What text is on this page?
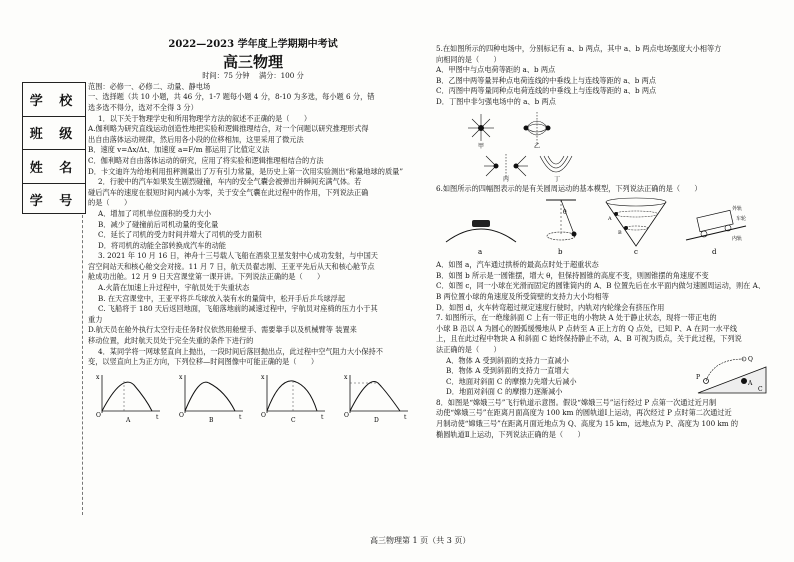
学 校
班 级
姓 名
学 号
2022—2023 学年度上学期期中考试
高三物理
时间：75 分钟　 满分：100 分

范围：必修一、必修二、动量、静电场

一、选择题（共 10 小题，共 46 分，1-7 题每小题 4 分，8-10 为多选，每小题 6 分，错

选多选不得分，选对不全得 3 分）

1．以下关于物理学史和所用物理学方法的叙述不正确的是（　　）

A.伽利略为研究直线运动创造性地把实验和逻辑推理结合，对一个问题以研究推理形式得

出自由落体运动规律，然后用各小段的位移相加，这里采用了微元法

B．速度 v=Δx/Δt、加速度 a=F/m 都运用了比值定义法

C．伽利略对自由落体运动的研究，应用了将实验和逻辑推理相结合的方法

D．卡文迪许为给地利用扭秤测量出了万有引力常量，是历史上第一次用实验测出“称量地球的质量”

2．行驶中的汽车如果发生剧烈碰撞，车内的安全气囊会被弹出并瞬间充满气体。若

碰后汽车的速度在很短时间内减小为零，关于安全气囊在此过程中的作用，下列说法正确

的是（　　）

A．增加了司机单位面积的受力大小

B．减少了碰撞前后司机动量的变化量

C．延长了司机的受力时间并增大了司机的受力面积

D．将司机的动能全部转换成汽车的动能

3. 2021 年 10 月 16 日，神舟十三号载人飞船在酒泉卫星发射中心成功发射，与中国天

宫空间站天和核心舱交会对接。11 月 7 日，航天员翟志刚、王亚平先后从天和核心舱节点

舱成功出舱。12 月 9 日天宫课堂第一课开讲。下列说法正确的是（　　）

A.火箭在加速上升过程中，宇航员处于失重状态

B. 在天宫课堂中，王亚平将乒乓球放入装有水的量筒中，松开手后乒乓球浮起

C. 飞船将于 180 天后返回地面，飞船落地前的减速过程中，宇航员对座椅的压力小于其

重力

D.航天员在舱外执行太空行走任务时仪依然用舱壁手、需要靠手以及机械臂等 装置来

移动位置，此时航天员处于完全失重的条件下进行的

4．某同学将一网球竖直向上抛出，一段时间后落回抛出点，此过程中空气阻力大小保持不

变，以竖直向上为正方向，下列位移—时间图像中可能正确的是（　　）

x
t
O
A
x
t
O
B
x
t
O
C
x
t
O
D

5.在如图所示的四种电场中，分别标记有 a、b 两点，其中 a、b 两点电场强度大小相等方

向相同的是（　　）

A．甲图中与点电荷等距的 a、b 两点

B．乙图中两等量异种点电荷连线的中垂线上与连线等距的 a、b 两点

C．丙图中两等量同种点电荷连线的中垂线上与连线等距的 a、b 两点

D．丁图中非匀强电场中的 a、b 两点

甲	乙
丙	丁

6.如图所示的四幅图表示的是有关圆周运动的基本模型，下列说法正确的是（　　）

a
θ
b
A
B
c
外轨
内轨
车轮
d

A．如图 a，汽车通过拱桥的最高点时处于超重状态

B．如图 b 所示是一圆锥摆，增大 θ，但保持圆锥的高度不变，则圆锥摆的角速度不变

C．如图 c，同一小球在光滑而固定的圆锥筒内的 A、B 位置先后在水平面内做匀速圆周运动，则在 A、

B 两位置小球的角速度及所受筒壁的支持力大小均相等

D．如图 d，火车转弯超过规定速度行驶时，内轨对内轮缘会有挤压作用

7. 如图所示，在一绝缘斜面 C 上有一带正电的小物块 A 处于静止状态，现将一带正电的

小球 B 沿以 A 为圆心的圆弧缓慢地从 P 点转至 A 正上方的 Q 点处，已知 P、A 在同一水平线

上，且在此过程中物块 A 和斜面 C 始终保持静止不动，A、B 可视为质点，关于此过程，下列说

法正确的是（　　）

A．物体 A 受到斜面的支持力一直减小

B．物体 A 受到斜面的支持力一直增大

C．地面对斜面 C 的摩擦力先增大后减小

D．地面对斜面 C 的摩擦力逐渐减小

P
Q
A
C

8．如图是“嫦娥三号”飞行轨道示意图。假设“嫦娥三号”运行经过 P 点第一次通过近月制

动使“嫦娥三号”在距离月面高度为 100 km 的圆轨道Ⅰ上运动，再次经过 P 点时第二次通过近

月制动使“嫦娥三号”在距离月面近地点为 Q、高度为 15 km，远地点为 P、高度为 100 km 的

椭圆轨道Ⅱ上运动，下列说法正确的是（　　）

高三物理第 1 页（共 3 页）
